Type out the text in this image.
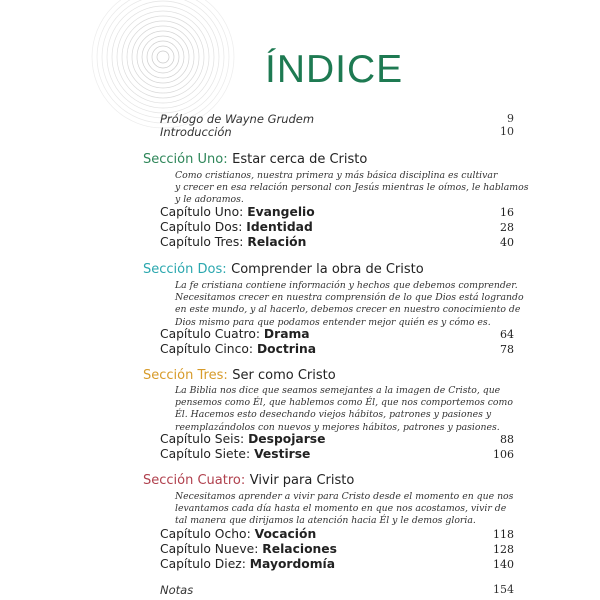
ÍNDICE
Prólogo de Wayne Grudem	9
Introducción	10
Sección Uno: Estar cerca de Cristo

Como cristianos, nuestra primera y más básica disciplina es cultivar
y crecer en esa relación personal con Jesús mientras le oímos, le hablamos
y le adoramos.

Capítulo Uno: Evangelio	16
Capítulo Dos: Identidad	28
Capítulo Tres: Relación	40
Sección Dos: Comprender la obra de Cristo

La fe cristiana contiene información y hechos que debemos comprender.
Necesitamos crecer en nuestra comprensión de lo que Dios está logrando
en este mundo, y al hacerlo, debemos crecer en nuestro conocimiento de
Dios mismo para que podamos entender mejor quién es y cómo es.

Capítulo Cuatro: Drama	64
Capítulo Cinco: Doctrina	78
Sección Tres: Ser como Cristo

La Biblia nos dice que seamos semejantes a la imagen de Cristo, que
pensemos como Él, que hablemos como Él, que nos comportemos como
Él. Hacemos esto desechando viejos hábitos, patrones y pasiones y
reemplazándolos con nuevos y mejores hábitos, patrones y pasiones.

Capítulo Seis: Despojarse	88
Capítulo Siete: Vestirse	106
Sección Cuatro: Vivir para Cristo

Necesitamos aprender a vivir para Cristo desde el momento en que nos
levantamos cada día hasta el momento en que nos acostamos, vivir de
tal manera que dirijamos la atención hacia Él y le demos gloria.

Capítulo Ocho: Vocación	118
Capítulo Nueve: Relaciones	128
Capítulo Diez: Mayordomía	140
Notas	154
